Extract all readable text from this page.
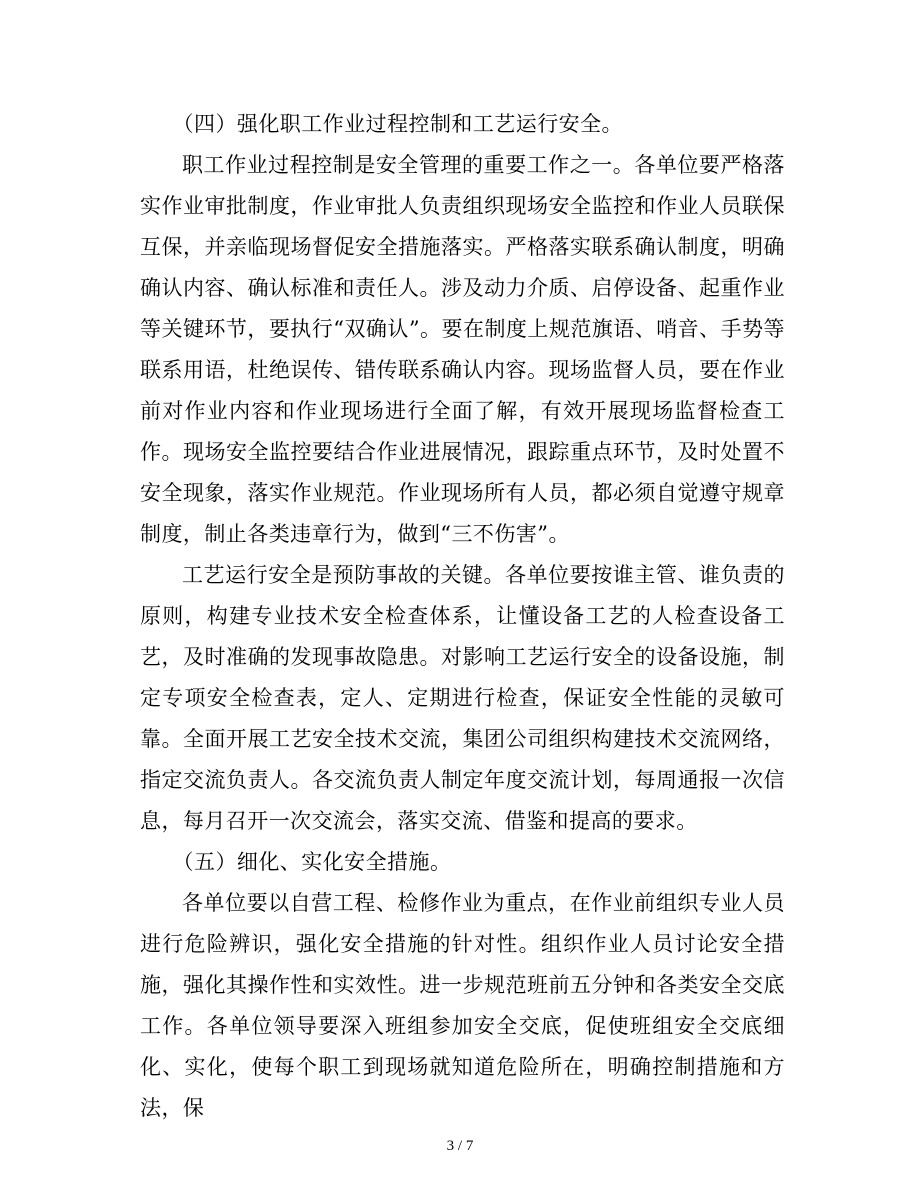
（四）强化职工作业过程控制和工艺运行安全。

职工作业过程控制是安全管理的重要工作之一。各单位要严格落实作业审批制度，作业审批人负责组织现场安全监控和作业人员联保互保，并亲临现场督促安全措施落实。严格落实联系确认制度，明确确认内容、确认标准和责任人。涉及动力介质、启停设备、起重作业等关键环节，要执行“双确认”。要在制度上规范旗语、哨音、手势等联系用语，杜绝误传、错传联系确认内容。现场监督人员，要在作业前对作业内容和作业现场进行全面了解，有效开展现场监督检查工作。现场安全监控要结合作业进展情况，跟踪重点环节，及时处置不安全现象，落实作业规范。作业现场所有人员，都必须自觉遵守规章制度，制止各类违章行为，做到“三不伤害”。

工艺运行安全是预防事故的关键。各单位要按谁主管、谁负责的原则，构建专业技术安全检查体系，让懂设备工艺的人检查设备工艺，及时准确的发现事故隐患。对影响工艺运行安全的设备设施，制定专项安全检查表，定人、定期进行检查，保证安全性能的灵敏可靠。全面开展工艺安全技术交流，集团公司组织构建技术交流网络，指定交流负责人。各交流负责人制定年度交流计划，每周通报一次信息，每月召开一次交流会，落实交流、借鉴和提高的要求。

（五）细化、实化安全措施。

各单位要以自营工程、检修作业为重点，在作业前组织专业人员进行危险辨识，强化安全措施的针对性。组织作业人员讨论安全措施，强化其操作性和实效性。进一步规范班前五分钟和各类安全交底工作。各单位领导要深入班组参加安全交底，促使班组安全交底细化、实化，使每个职工到现场就知道危险所在，明确控制措施和方法，保

3 / 7
